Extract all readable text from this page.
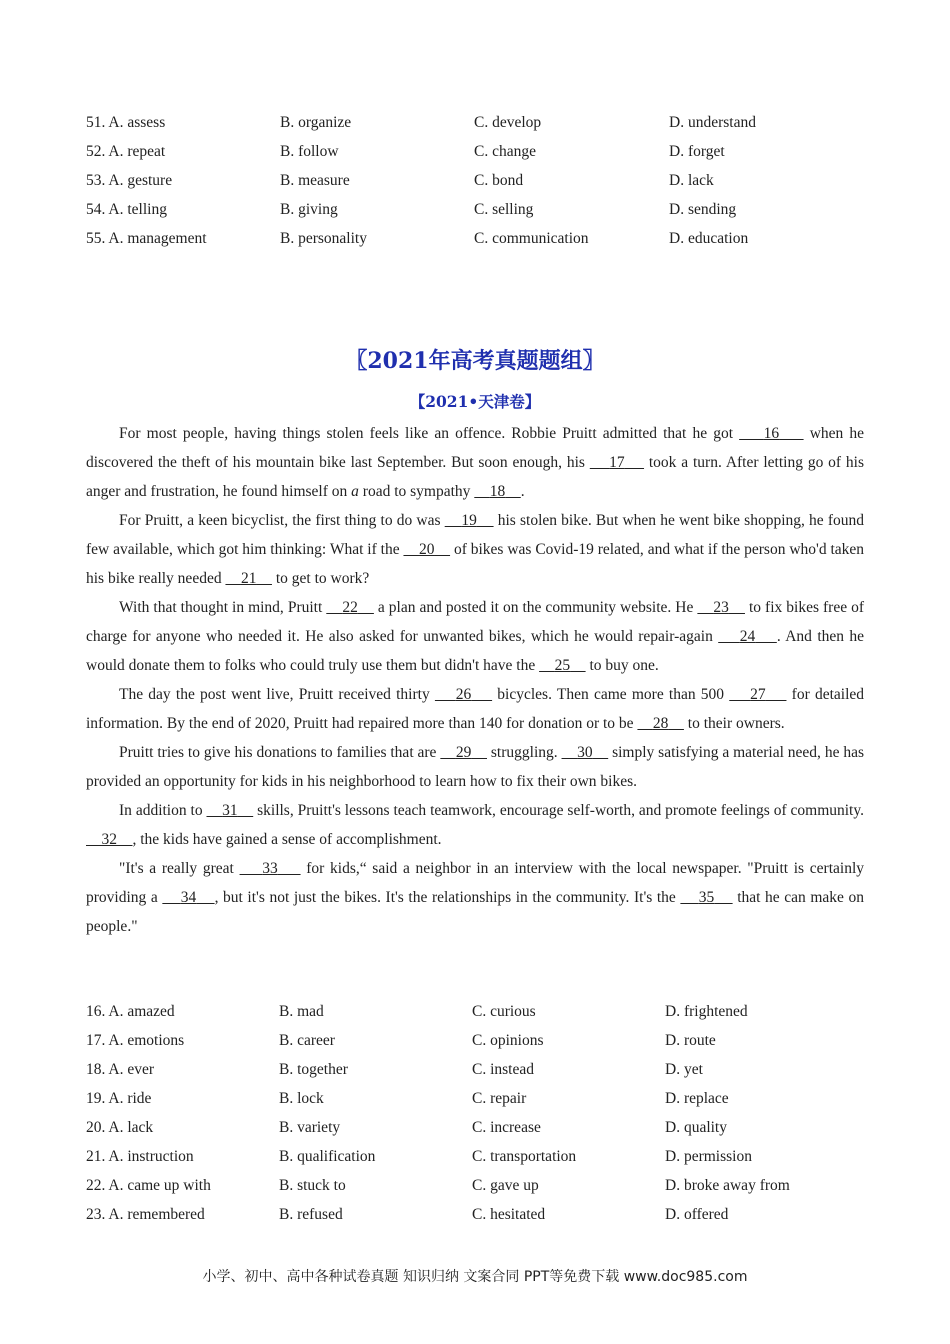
51. A. assess	B. organize	C. develop	D. understand
52. A. repeat	B. follow	C. change	D. forget
53. A. gesture	B. measure	C. bond	D. lack
54. A. telling	B. giving	C. selling	D. sending
55. A. management	B. personality	C. communication	D. education
〖2021年高考真题题组〗
【2021•天津卷】

For most people, having things stolen feels like an offence. Robbie Pruitt admitted that he got     16     when he discovered the theft of his mountain bike last September. But soon enough, his     17     took a turn. After letting go of his anger and frustration, he found himself on a road to sympathy     18 .

For Pruitt, a keen bicyclist, the first thing to do was     19     his stolen bike. But when he went bike shopping, he found few available, which got him thinking: What if the     20     of bikes was Covid-19 related, and what if the person who'd taken his bike really needed     21     to get to work?

With that thought in mind, Pruitt     22     a plan and posted it on the community website. He     23     to fix bikes free of charge for anyone who needed it. He also asked for unwanted bikes, which he would repair-again     24 . And then he would donate them to folks who could truly use them but didn't have the     25     to buy one.

The day the post went live, Pruitt received thirty     26     bicycles. Then came more than 500     27     for detailed information. By the end of 2020, Pruitt had repaired more than 140 for donation or to be     28     to their owners.

Pruitt tries to give his donations to families that are     29     struggling.     30     simply satisfying a material need, he has provided an opportunity for kids in his neighborhood to learn how to fix their own bikes.

In addition to     31     skills, Pruitt's lessons teach teamwork, encourage self-worth, and promote feelings of community.     32 , the kids have gained a sense of accomplishment.

"It's a really great     33     for kids,“ said a neighbor in an interview with the local newspaper. "Pruitt is certainly providing a     34 , but it's not just the bikes. It's the relationships in the community. It's the     35     that he can make on people."

16. A. amazed	B. mad	C. curious	D. frightened
17. A. emotions	B. career	C. opinions	D. route
18. A. ever	B. together	C. instead	D. yet
19. A. ride	B. lock	C. repair	D. replace
20. A. lack	B. variety	C. increase	D. quality
21. A. instruction	B. qualification	C. transportation	D. permission
22. A. came up with	B. stuck to	C. gave up	D. broke away from
23. A. remembered	B. refused	C. hesitated	D. offered
小学、初中、高中各种试卷真题 知识归纳 文案合同 PPT等免费下载 www.doc985.com
